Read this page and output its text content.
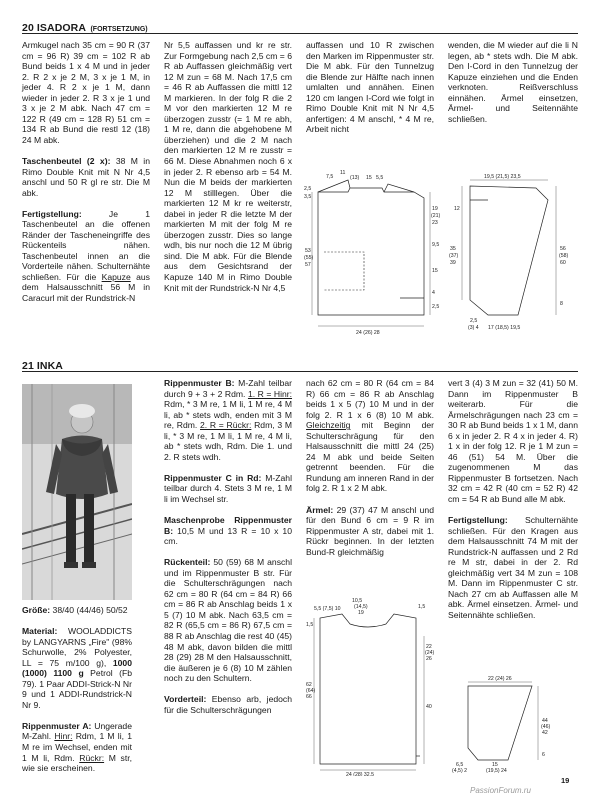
20 ISADORA (FORTSETZUNG)

Armkugel nach 35 cm = 90 R (37 cm = 96 R) 39 cm = 102 R ab Bund beids 1 x 4 M und in jeder 2. R 2 x je 2 M, 3 x je 1 M, in jeder 4. R 2 x je 1 M, dann wieder in jeder 2. R 3 x je 1 und 3 x je 2 M abk. Nach 47 cm = 122 R (49 cm = 128 R) 51 cm = 134 R ab Bund die restl 12 (18) 24 M abk.

Taschenbeutel (2 x): 38 M in Rimo Double Knit mit N Nr 4,5 anschl und 50 R gl re str. Die M abk.

Fertigstellung: Je 1 Taschenbeutel an die offenen Ränder der Tascheneingriffe des Rückenteils nähen. Taschenbeutel innen an die Vorderteile nähen. Schulternähte schließen. Für die Kapuze aus dem Halsausschnitt 56 M in Caracurl mit der Rundstrick-N

Nr 5,5 auffassen und kr re str. Zur Formgebung nach 2,5 cm = 6 R ab Auffassen gleichmäßig vert 12 M zun = 68 M. Nach 17,5 cm = 46 R ab Auffassen die mittl 12 M markieren. In der folg R die 2 M vor den markierten 12 M re überzogen zusstr (= 1 M re abh, 1 M re, dann die abgehobene M überziehen) und die 2 M nach den markierten 12 M re zusstr = 66 M. Diese Abnahmen noch 6 x in jeder 2. R ebenso arb = 54 M. Nun die M beids der markierten 12 M stilllegen. Über die markierten 12 M kr re weiterstr, dabei in jeder R die letzte M der markierten M mit der folg M re überzogen zusstr. Dies so lange wdh, bis nur noch die 12 M übrig sind. Die M abk. Für die Blende aus dem Gesichtsrand der Kapuze 140 M in Rimo Double Knit mit der Rundstrick-N Nr 4,5

auffassen und 10 R zwischen den Marken im Rippenmuster str. Die M abk. Für den Tunnelzug die Blende zur Hälfte nach innen umlalten und annähen. Einen 120 cm langen I-Cord wie folgt in Rimo Double Knit mit N Nr 4,5 anfertigen: 4 M anschl, * 4 M re, Arbeit nicht

wenden, die M wieder auf die li N legen, ab * stets wdh. Die M abk. Den I-Cord in den Tunnelzug der Kapuze einziehen und die Enden verknoten. Reißverschluss einnähen. Ärmel einsetzen, Ärmel- und Seitennähte schließen.

7,5
11
(13) 15 5,5
2,5
3,5
19
(21)
23
9,5
15
53
(55)
57
4
2,5
24 (26) 28
19,5 (21,5) 23,5
12
35
(37)
39
56
(58)
60
8
17 (18,5) 19,5
2,5
(3) 4
21 INKA

Größe: 38/40 (44/46) 50/52

Material: WOOLADDICTS by LANGYARNS „Fire" (98% Schurwolle, 2% Polyester, LL = 75 m/100 g), 1000 (1000) 1100 g Petrol (Fb 79). 1 Paar ADDI-Strick-N Nr 9 und 1 ADDI-Rundstrick-N Nr 9.

Rippenmuster A: Ungerade M-Zahl. Hinr: Rdm, 1 M li, 1 M re im Wechsel, enden mit 1 M li, Rdm. Rückr: M str, wie sie erscheinen.

Rippenmuster B: M-Zahl teilbar durch 9 + 3 + 2 Rdm. 1. R = Hinr: Rdm, * 3 M re, 1 M li, 1 M re, 4 M li, ab * stets wdh, enden mit 3 M re, Rdm. 2. R = Rückr: Rdm, 3 M li, * 3 M re, 1 M li, 1 M re, 4 M li, ab * stets wdh, Rdm. Die 1. und 2. R stets wdh.

Rippenmuster C in Rd: M-Zahl teilbar durch 4. Stets 3 M re, 1 M li im Wechsel str.

Maschenprobe Rippenmuster B: 10,5 M und 13 R = 10 x 10 cm.

Rückenteil: 50 (59) 68 M anschl und im Rippenmuster B str. Für die Schulterschrägungen nach 62 cm = 80 R (64 cm = 84 R) 66 cm = 86 R ab Anschlag beids 1 x 5 (7) 10 M abk. Nach 63,5 cm = 82 R (65,5 cm = 86 R) 67,5 cm = 88 R ab Anschlag die rest 40 (45) 48 M abk, davon bilden die mittl 28 (29) 28 M den Halsausschnitt, die äußeren je 6 (8) 10 M zählen noch zu den Schultern.

Vorderteil: Ebenso arb, jedoch für die Schulterschrägungen

nach 62 cm = 80 R (64 cm = 84 R) 66 cm = 86 R ab Anschlag beids 1 x 5 (7) 10 M und in der folg 2. R 1 x 6 (8) 10 M abk. Gleichzeitig mit Beginn der Schulterschrägung für den Halsausschnitt die mittl 24 (25) 24 M abk und beide Seiten getrennt beenden. Für die Rundung am inneren Rand in der folg 2. R 1 x 2 M abk.

Ärmel: 29 (37) 47 M anschl und für den Bund 6 cm = 9 R im Rippenmuster A str, dabei mit 1. Rückr beginnen. In der letzten Bund-R gleichmäßig

vert 3 (4) 3 M zun = 32 (41) 50 M. Dann im Rippenmuster B weiterarb. Für die Ärmelschrägungen nach 23 cm = 30 R ab Bund beids 1 x 1 M, dann 6 x in jeder 2. R 4 x in jeder 4. R) 1 x in der folg 12. R je 1 M zun = 46 (51) 54 M. Über die zugenommenen M das Rippenmuster B fortsetzen. Nach 32 cm = 42 R (40 cm = 52 R) 42 cm = 54 R ab Bund alle M abk.

Fertigstellung: Schulternähte schließen. Für den Kragen aus dem Halsausschnitt 74 M mit der Rundstrick-N auffassen und 2 Rd re M str, dabei in der 2. Rd gleichmäßig vert 34 M zun = 108 M. Dann im Rippenmuster C str. Nach 27 cm ab Auffassen alle M abk. Ärmel einsetzen. Ärmel- und Seitennähte schließen.

10,5
(14,5)
19
5,5 (7,5) 10	1,5
1,5
22
(24)
26
40
62
(64)
66
24 (28) 32,5
22 (24) 26
44
(46)
42
6
6,5
(4,5) 2
15
(19,5) 24
19
PassionForum.ru
